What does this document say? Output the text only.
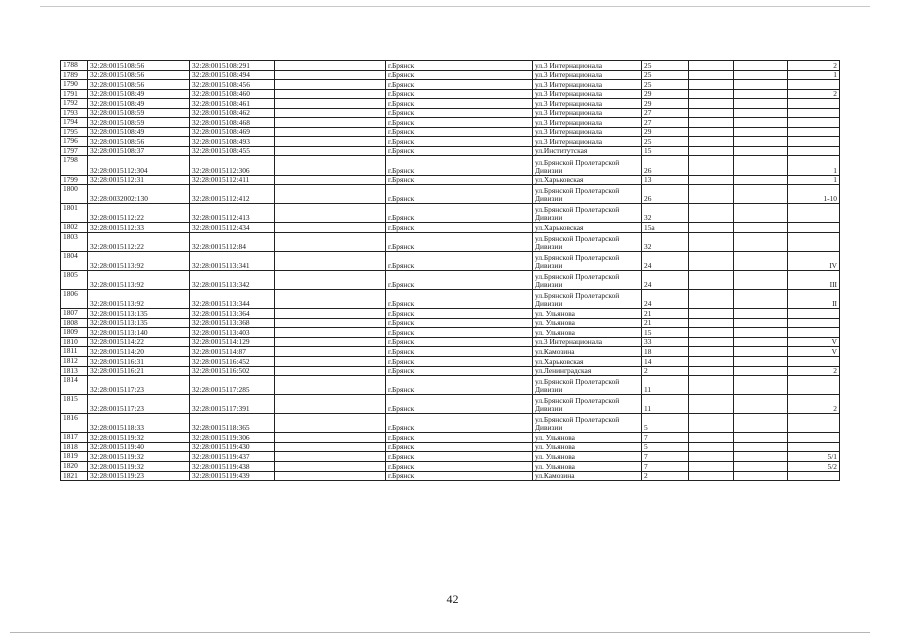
1788	32:28:0015108:56	32:28:0015108:291		г.Брянск	ул.3 Интернационала	25			2
1789	32:28:0015108:56	32:28:0015108:494		г.Брянск	ул.3 Интернационала	25			1
1790	32:28:0015108:56	32:28:0015108:456		г.Брянск	ул.3 Интернационала	25			
1791	32:28:0015108:49	32:28:0015108:460		г.Брянск	ул.3 Интернационала	29			2
1792	32:28:0015108:49	32:28:0015108:461		г.Брянск	ул.3 Интернационала	29			
1793	32:28:0015108:59	32:28:0015108:462		г.Брянск	ул.3 Интернационала	27			
1794	32:28:0015108:59	32:28:0015108:468		г.Брянск	ул.3 Интернационала	27			
1795	32:28:0015108:49	32:28:0015108:469		г.Брянск	ул.3 Интернационала	29			
1796	32:28:0015108:56	32:28:0015108:493		г.Брянск	ул.3 Интернационала	25			
1797	32:28:0015108:37	32:28:0015108:455		г.Брянск	ул.Институтская	15			
1798	32:28:0015112:304	32:28:0015112:306		г.Брянск	ул.Брянской Пролетарской
Дивизии	26			1
1799	32:28:0015112:31	32:28:0015112:411		г.Брянск	ул.Харьковская	13			1
1800	32:28:0032002:130	32:28:0015112:412		г.Брянск	ул.Брянской Пролетарской
Дивизии	26			1-10
1801	32:28:0015112:22	32:28:0015112:413		г.Брянск	ул.Брянской Пролетарской
Дивизии	32			
1802	32:28:0015112:33	32:28:0015112:434		г.Брянск	ул.Харьковская	15а			
1803	32:28:0015112:22	32:28:0015112:84		г.Брянск	ул.Брянской Пролетарской
Дивизии	32			
1804	32:28:0015113:92	32:28:0015113:341		г.Брянск	ул.Брянской Пролетарской
Дивизии	24			IV
1805	32:28:0015113:92	32:28:0015113:342		г.Брянск	ул.Брянской Пролетарской
Дивизии	24			III
1806	32:28:0015113:92	32:28:0015113:344		г.Брянск	ул.Брянской Пролетарской
Дивизии	24			II
1807	32:28:0015113:135	32:28:0015113:364		г.Брянск	ул. Ульянова	21			
1808	32:28:0015113:135	32:28:0015113:368		г.Брянск	ул. Ульянова	21			
1809	32:28:0015113:140	32:28:0015113:403		г.Брянск	ул. Ульянова	15			
1810	32:28:0015114:22	32:28:0015114:129		г.Брянск	ул.3 Интернационала	33			V
1811	32:28:0015114:20	32:28:0015114:87		г.Брянск	ул.Камозина	18			V
1812	32:28:0015116:31	32:28:0015116:452		г.Брянск	ул.Харьковская	14			
1813	32:28:0015116:21	32:28:0015116:502		г.Брянск	ул.Ленинградская	2			2
1814	32:28:0015117:23	32:28:0015117:285		г.Брянск	ул.Брянской Пролетарской
Дивизии	11			
1815	32:28:0015117:23	32:28:0015117:391		г.Брянск	ул.Брянской Пролетарской
Дивизии	11			2
1816	32:28:0015118:33	32:28:0015118:365		г.Брянск	ул.Брянской Пролетарской
Дивизии	5			
1817	32:28:0015119:32	32:28:0015119:306		г.Брянск	ул. Ульянова	7			
1818	32:28:0015119:40	32:28:0015119:430		г.Брянск	ул. Ульянова	5			
1819	32:28:0015119:32	32:28:0015119:437		г.Брянск	ул. Ульянова	7			5/1
1820	32:28:0015119:32	32:28:0015119:438		г.Брянск	ул. Ульянова	7			5/2
1821	32:28:0015119:23	32:28:0015119:439		г.Брянск	ул.Камозина	2			
42
